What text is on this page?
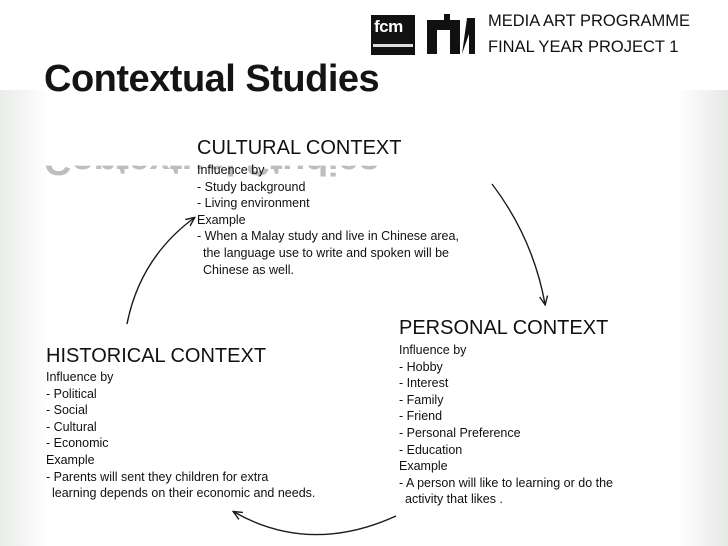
fcm	MEDIA ART PROGRAMME
FINAL YEAR PROJECT 1
Contextual Studies
CULTURAL CONTEXT
Influence by
- Study background
- Living environment
Example
- When a Malay study and live in Chinese area,
the language use to write and spoken will be
Chinese as well.
PERSONAL CONTEXT
Influence by
- Hobby
- Interest
- Family
- Friend
- Personal Preference
- Education
Example
- A person will like to learning or do the
activity that likes .
HISTORICAL CONTEXT
Influence by
- Political
- Social
- Cultural
- Economic
Example
- Parents will sent they children for extra
learning depends on their economic and needs.
